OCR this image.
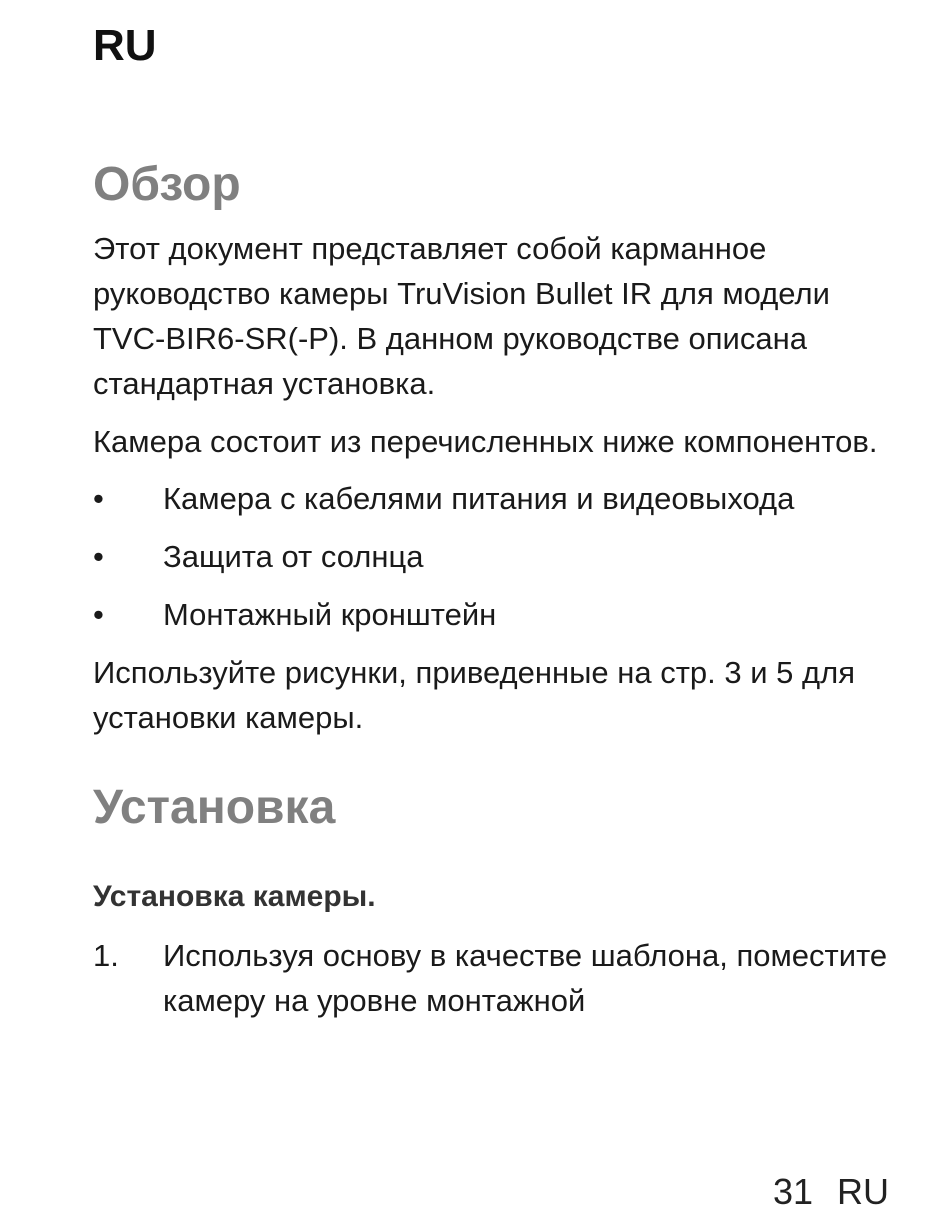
RU
Обзор

Этот документ представляет собой карманное руководство камеры TruVision Bullet IR для модели TVC-BIR6-SR(-P). В данном руководстве описана стандартная установка.

Камера состоит из перечисленных ниже компонентов.

•	Камера с кабелями питания и видеовыхода
•	Защита от солнца
•	Монтажный кронштейн

Используйте рисунки, приведенные на стр. 3 и 5 для установки камеры.

Установка

Установка камеры.

1.	Используя основу в качестве шаблона, поместите камеру на уровне монтажной
31 RU
